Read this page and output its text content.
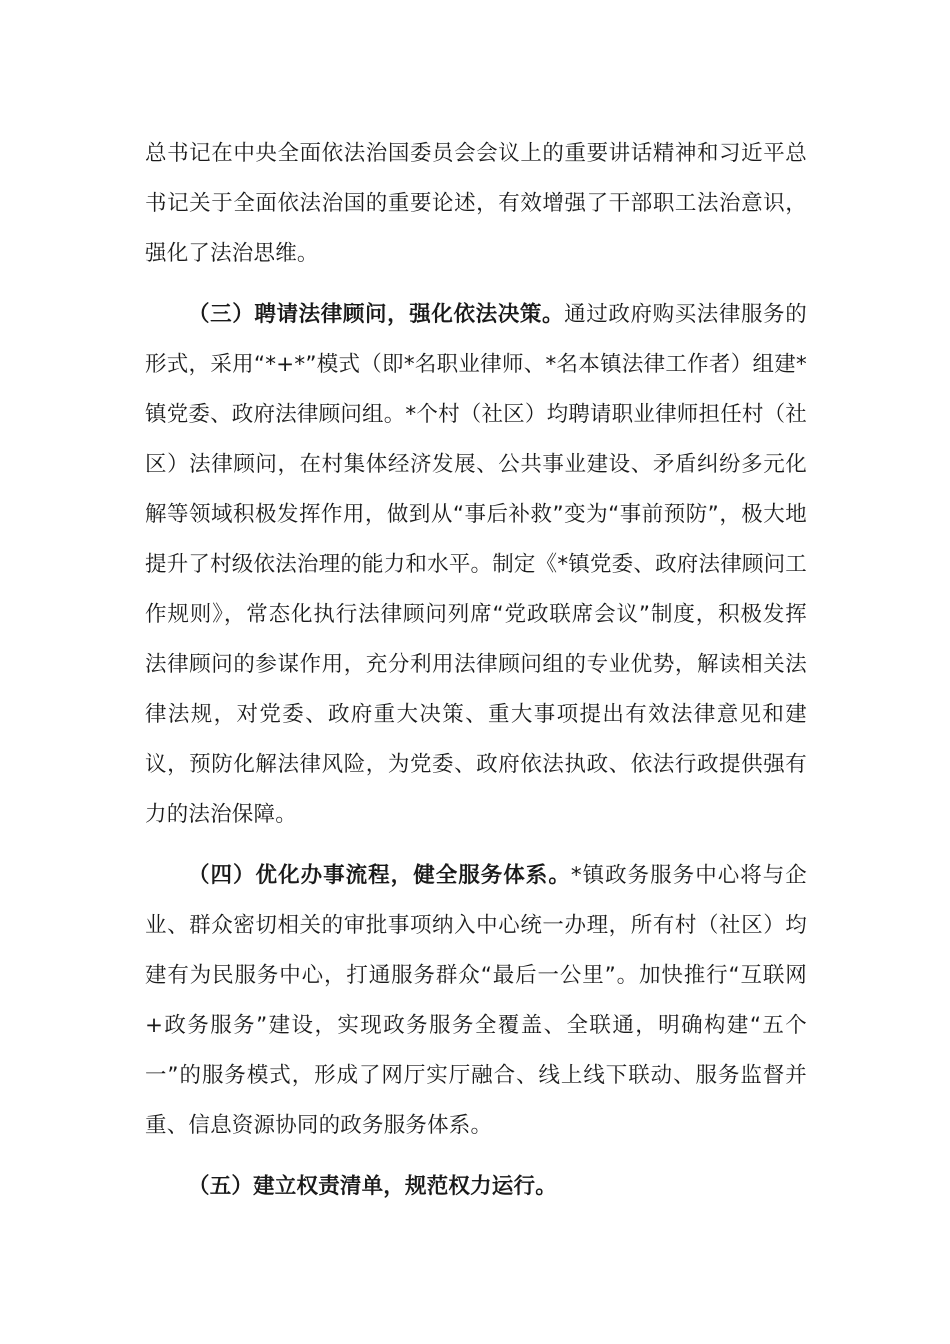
总书记在中央全面依法治国委员会会议上的重要讲话精神和习近平总书记关于全面依法治国的重要论述，有效增强了干部职工法治意识，强化了法治思维。

（三）聘请法律顾问，强化依法决策。通过政府购买法律服务的形式，采用“*+*”模式（即*名职业律师、*名本镇法律工作者）组建*镇党委、政府法律顾问组。*个村（社区）均聘请职业律师担任村（社区）法律顾问，在村集体经济发展、公共事业建设、矛盾纠纷多元化解等领域积极发挥作用，做到从“事后补救”变为“事前预防”，极大地提升了村级依法治理的能力和水平。制定《*镇党委、政府法律顾问工作规则》，常态化执行法律顾问列席“党政联席会议”制度，积极发挥法律顾问的参谋作用，充分利用法律顾问组的专业优势，解读相关法律法规，对党委、政府重大决策、重大事项提出有效法律意见和建议，预防化解法律风险，为党委、政府依法执政、依法行政提供强有力的法治保障。

（四）优化办事流程，健全服务体系。*镇政务服务中心将与企业、群众密切相关的审批事项纳入中心统一办理，所有村（社区）均建有为民服务中心，打通服务群众“最后一公里”。加快推行“互联网+政务服务”建设，实现政务服务全覆盖、全联通，明确构建“五个一”的服务模式，形成了网厅实厅融合、线上线下联动、服务监督并重、信息资源协同的政务服务体系。

（五）建立权责清单，规范权力运行。
